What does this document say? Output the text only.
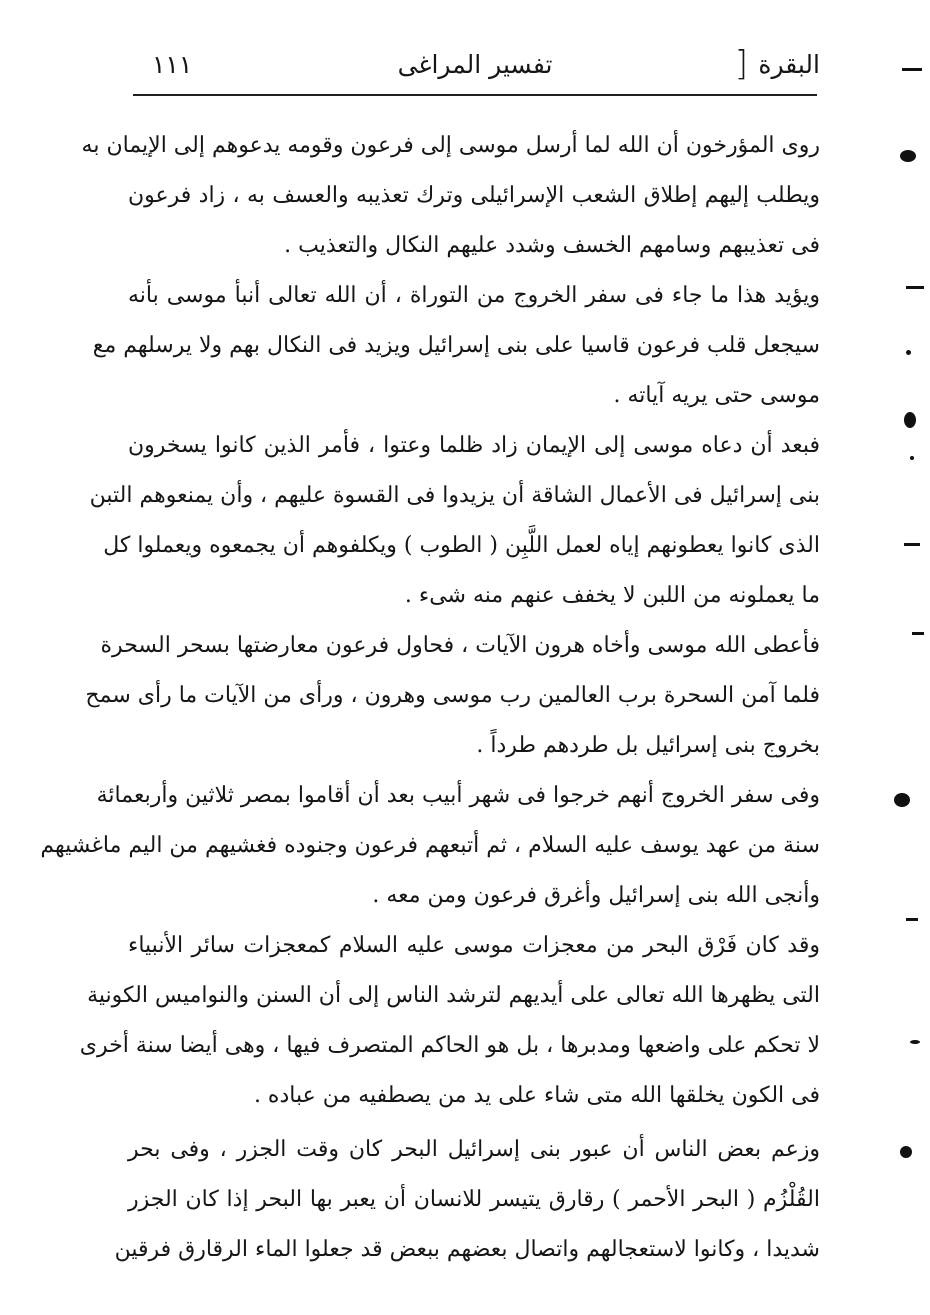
البقرة
]
تفسير المراغى
١١١
روى المؤرخون أن الله لما أرسل موسى إلى فرعون وقومه يدعوهم إلى الإيمان به
ويطلب إليهم إطلاق الشعب الإسرائيلى وترك تعذيبه والعسف به ، زاد فرعون
فى تعذيبهم وسامهم الخسف وشدد عليهم النكال والتعذيب .
ويؤيد هذا ما جاء فى سفر الخروج من التوراة ، أن الله تعالى أنبأ موسى بأنه
سيجعل قلب فرعون قاسيا على بنى إسرائيل ويزيد فى النكال بهم ولا يرسلهم مع
موسى حتى يريه آياته .
فبعد أن دعاه موسى إلى الإيمان زاد ظلما وعتوا ، فأمر الذين كانوا يسخرون
بنى إسرائيل فى الأعمال الشاقة أن يزيدوا فى القسوة عليهم ، وأن يمنعوهم التبن
الذى كانوا يعطونهم إياه لعمل اللَّبِن ( الطوب ) ويكلفوهم أن يجمعوه ويعملوا كل
ما يعملونه من اللبن لا يخفف عنهم منه شىء .
فأعطى الله موسى وأخاه هرون الآيات ، فحاول فرعون معارضتها بسحر السحرة
فلما آمن السحرة برب العالمين رب موسى وهرون ، ورأى من الآيات ما رأى سمح
بخروج بنى إسرائيل بل طردهم طرداً .
وفى سفر الخروج أنهم خرجوا فى شهر أبيب بعد أن أقاموا بمصر ثلاثين وأربعمائة
سنة من عهد يوسف عليه السلام ، ثم أتبعهم فرعون وجنوده فغشيهم من اليم ماغشيهم
وأنجى الله بنى إسرائيل وأغرق فرعون ومن معه .
وقد كان فَرْق البحر من معجزات موسى عليه السلام كمعجزات سائر الأنبياء
التى يظهرها الله تعالى على أيديهم لترشد الناس إلى أن السنن والنواميس الكونية
لا تحكم على واضعها ومدبرها ، بل هو الحاكم المتصرف فيها ، وهى أيضا سنة أخرى
فى الكون يخلقها الله متى شاء على يد من يصطفيه من عباده .
وزعم بعض الناس أن عبور بنى إسرائيل البحر كان وقت الجزر ، وفى بحر
القُلْزُم ( البحر الأحمر ) رقارق يتيسر للانسان أن يعبر بها البحر إذا كان الجزر
شديدا ، وكانوا لاستعجالهم واتصال بعضهم ببعض قد جعلوا الماء الرقارق فرقين
